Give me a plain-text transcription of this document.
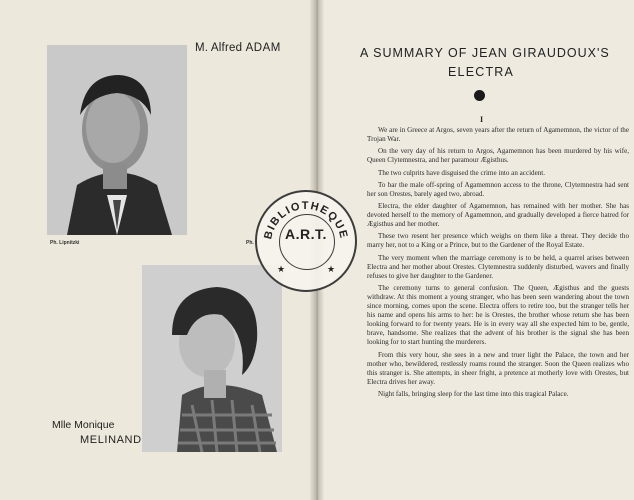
Ph. Lipnitzki	Ph.
M. Alfred ADAM
Mlle Monique
MELINAND
A SUMMARY OF JEAN GIRAUDOUX'S
ELECTRA
I

We are in Greece at Argos, seven years after the return of Agamemnon, the victor of the Trojan War.

On the very day of his return to Argos, Agamemnon has been murdered by his wife, Queen Clytemnestra, and her paramour Ægisthus.

The two culprits have disguised the crime into an accident.

To bar the male off-spring of Agamemnon access to the throne, Clytemnestra had sent her son Orestes, barely aged two, abroad.

Electra, the elder daughter of Agamemnon, has remained with her mother. She has devoted herself to the memory of Agamemnon, and gradually developed a fierce hatred for Ægisthus and her mother.

These two resent her presence which weighs on them like a threat. They decide tho marry her, not to a King or a Prince, but to the Gardener of the Royal Estate.

The very moment when the marriage ceremony is to be held, a quarrel arises between Electra and her mother about Orestes. Clytemnestra suddenly disturbed, wavers and finally refuses to give her daughter to the Gardener.

The ceremony turns to general confusion. The Queen, Ægisthus and the guests withdraw. At this moment a young stranger, who has been seen wandering about the town since morning, comes upon the scene. Electra offers to retire too, but the stranger tells her his name and opens his arms to her: he is Orestes, the brother whose return she has been looking forward to for twenty years. He is in every way all she expected him to be, gentle, brave, handsome. She realizes that the advent of his brother is the signal she has been looking for to start hunting the murderers.

From this very hour, she sees in a new and truer light the Palace, the town and her mother who, bewildered, restlessly roams round the stranger. Soon the Queen realizes who this stranger is. She attempts, in sheer fright, a pretence at motherly love with Orestes, but Electra drives her away.

Night falls, bringing sleep for the last time into this tragical Palace.

BIBLIOTHEQUE
★	★
A.R.T.
